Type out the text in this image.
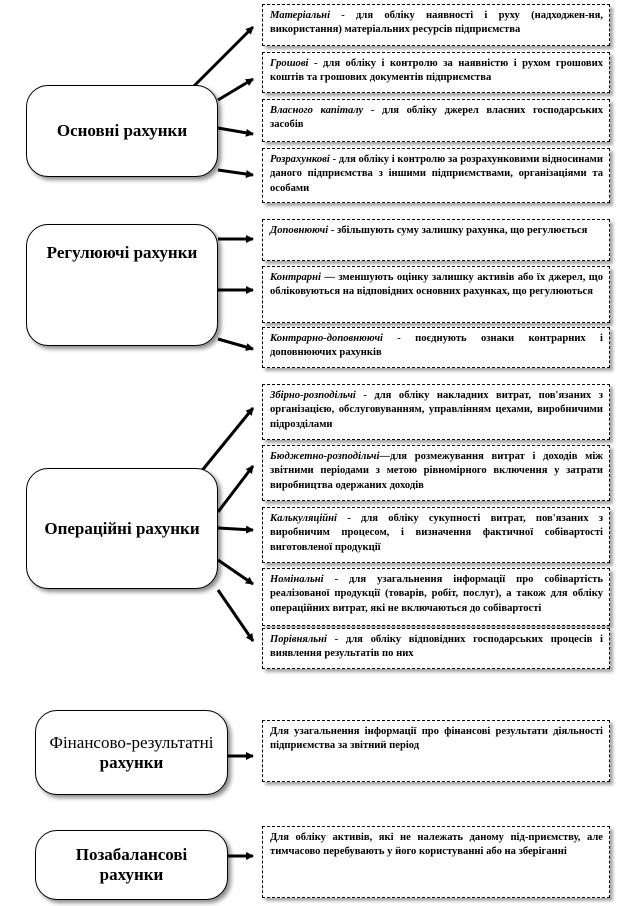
Основні рахунки
Матеріальні - для обліку наявності і руху (надходжен-ня, використання) матеріальних ресурсів підприємства
Грошові - для обліку і контролю за наявністю і рухом грошових коштів та грошових документів підприємства
Власного капіталу - для обліку джерел власних господарських засобів
Розрахункові - для обліку і контролю за розрахунковими відносинами даного підприємства з іншими підприємствами, організаціями та особами
Регулюючі рахунки
Доповнюючі - збільшують суму залишку рахунка, що регулюється
Контрарні — зменшують оцінку залишку активів або їх джерел, що обліковуються на відповідних основних рахунках, що регулюються
Контрарно-доповнюючі - поєднують ознаки контрарних і доповнюючих рахунків
Операційні рахунки
Збірно-розподільчі - для обліку накладних витрат, пов'язаних з організацією, обслуговуванням, управлінням цехами, виробничими підрозділами
Бюджетно-розподільчі—для розмежування витрат і доходів між звітними періодами з метою рівномірного включення у затрати виробництва одержаних доходів
Калькуляційні - для обліку сукупності витрат, пов'язаних з виробничим процесом, і визначення фактичної собівартості виготовленої продукції
Номінальні - для узагальнення інформації про собівартість реалізованої продукції (товарів, робіт, послуг), а також для обліку операційних витрат, які не включаються до собівартості
Порівняльні - для обліку відповідних господарських процесів і виявлення результатів по них
Фінансово-результатні
рахунки
Для узагальнення інформації про фінансові результати діяльності підприємства за звітний період
Позабалансові рахунки
Для обліку активів, які не належать даному під-приємству, але тимчасово перебувають у його користуванні або на зберіганні
